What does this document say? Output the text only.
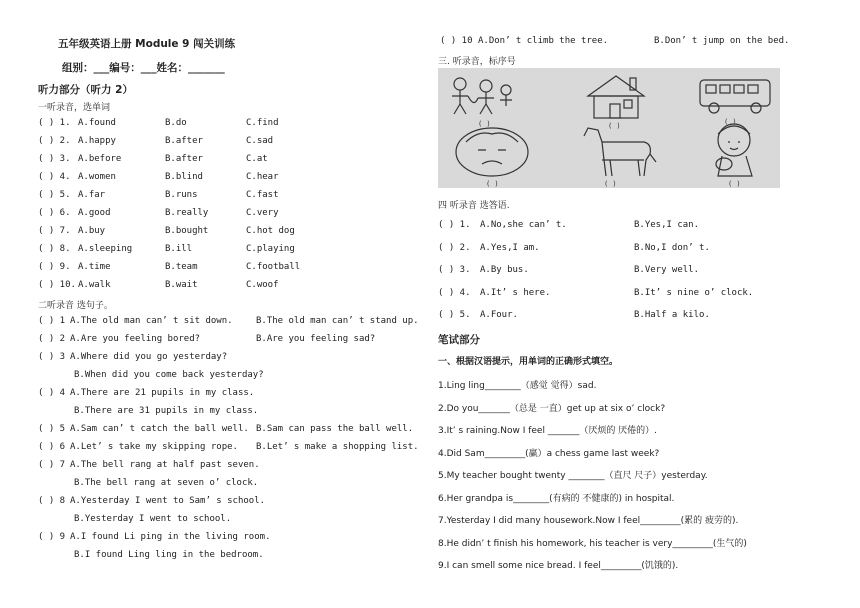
五年级英语上册 Module 9 闯关训练
组别：___编号：___姓名：_______
听力部分（听力 2）
一听录音，选单词
( ) 1. A.found	B.do	C.find
( ) 2. A.happy	B.after	C.sad
( ) 3. A.before	B.after	C.at
( ) 4. A.women	B.blind	C.hear
( ) 5. A.far	B.runs	C.fast
( ) 6. A.good	B.really	C.very
( ) 7. A.buy	B.bought	C.hot dog
( ) 8. A.sleeping	B.ill	C.playing
( ) 9. A.time	B.team	C.football
( ) 10. A.walk	B.wait	C.woof
二听录音 选句子。
( ) 1 A.The old man can’ t sit down.	B.The old man can’ t stand up.
( ) 2 A.Are you feeling bored?	B.Are you feeling sad?
( ) 3 A.Where did you go yesterday?
B.When did you come back yesterday?
( ) 4 A.There are 21 pupils in my class.
B.There are 31 pupils in my class.
( ) 5 A.Sam can’ t catch the ball well. B.Sam can pass the ball well.
( ) 6 A.Let’ s take my skipping rope. B.Let’ s make a shopping list.
( ) 7 A.The bell rang at half past seven.
B.The bell rang at seven o’ clock.
( ) 8 A.Yesterday I went to Sam’ s school.
B.Yesterday I went to school.
( ) 9 A.I found Li ping in the living room.
B.I found Ling ling in the bedroom.
( ) 10 A.Don’ t climb the tree.	B.Don’ t jump on the bed.
三. 听录音，标序号
( )	( )	( )
( )	( )	( )
四 听录音 选答语.
( ) 1. A.No,she can’ t.	B.Yes,I can.
( ) 2. A.Yes,I am.	B.No,I don’ t.
( ) 3. A.By bus.	B.Very well.
( ) 4. A.It’ s here.	B.It’ s nine o’ clock.
( ) 5. A.Four.	B.Half a kilo.
笔试部分
一、根据汉语提示，用单词的正确形式填空。
1.Ling ling________（感觉 觉得）sad.
2.Do you_______（总是 一直）get up at six o’ clock?
3.It’ s raining.Now I feel _______（厌烦的 厌倦的）.
4.Did Sam_________(赢）a chess game last week?
5.My teacher bought twenty ________（直尺 尺子）yesterday.
6.Her grandpa is________(有病的 不健康的) in hospital.
7.Yesterday I did many housework.Now I feel_________(累的 疲劳的).
8.He didn’ t finish his homework, his teacher is very_________(生气的)
9.I can smell some nice bread. I feel_________(饥饿的).
